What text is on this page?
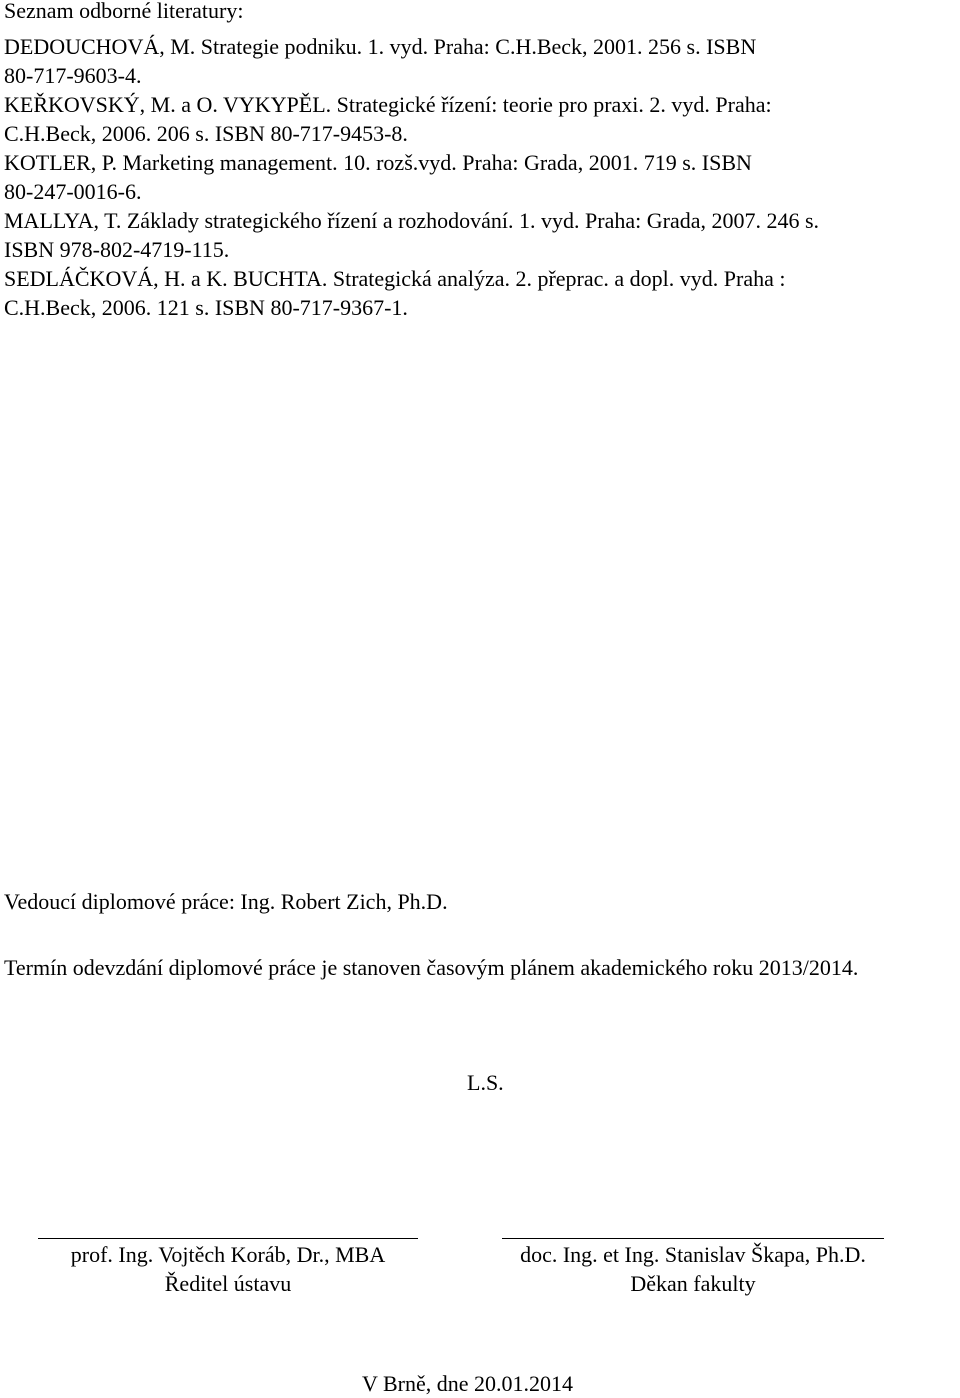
Seznam odborné literatury:
DEDOUCHOVÁ, M. Strategie podniku. 1. vyd. Praha: C.H.Beck, 2001. 256 s. ISBN
80-717-9603-4.
KEŘKOVSKÝ, M. a O. VYKYPĚL. Strategické řízení: teorie pro praxi. 2. vyd. Praha:
C.H.Beck, 2006. 206 s. ISBN 80-717-9453-8.
KOTLER, P. Marketing management. 10. rozš.vyd. Praha: Grada, 2001. 719 s. ISBN
80-247-0016-6.
MALLYA, T. Základy strategického řízení a rozhodování. 1. vyd. Praha: Grada, 2007. 246 s.
ISBN 978-802-4719-115.
SEDLÁČKOVÁ, H. a K. BUCHTA. Strategická analýza. 2. přeprac. a dopl. vyd. Praha :
C.H.Beck, 2006. 121 s. ISBN 80-717-9367-1.
Vedoucí diplomové práce: Ing. Robert Zich, Ph.D.
Termín odevzdání diplomové práce je stanoven časovým plánem akademického roku 2013/2014.
L.S.
prof. Ing. Vojtěch Koráb, Dr., MBA
Ředitel ústavu
doc. Ing. et Ing. Stanislav Škapa, Ph.D.
Děkan fakulty
V Brně, dne 20.01.2014
